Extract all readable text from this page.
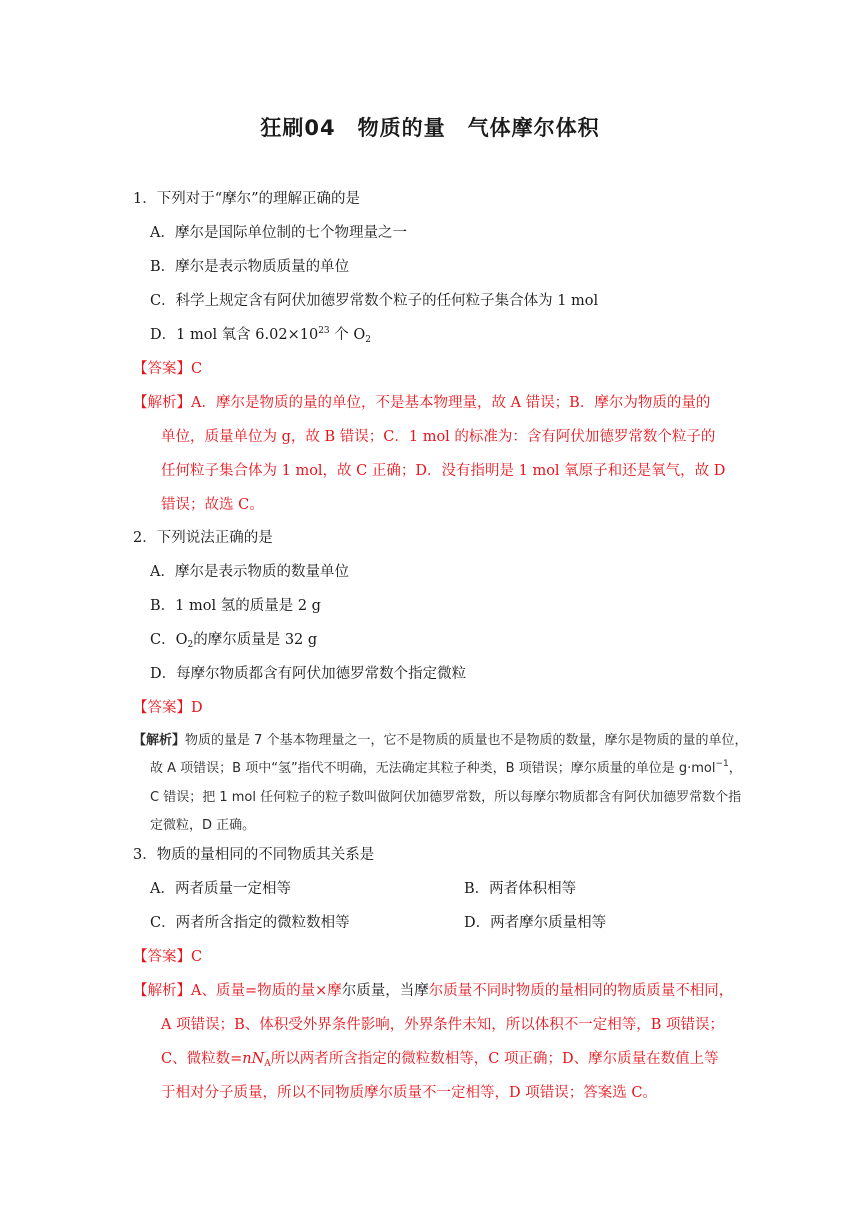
狂刷04　物质的量　气体摩尔体积
1．下列对于“摩尔”的理解正确的是
A．摩尔是国际单位制的七个物理量之一
B．摩尔是表示物质质量的单位
C．科学上规定含有阿伏加德罗常数个粒子的任何粒子集合体为 1 mol
D．1 mol 氧含 $6.02\times 10^{23}$ 个 $O_2$
【答案】C
【解析】A．摩尔是物质的量的单位，不是基本物理量，故 A 错误；B．摩尔为物质的量的
单位，质量单位为 g，故 B 错误；C．1 mol 的标准为：含有阿伏加德罗常数个粒子的
任何粒子集合体为 1 mol，故 C 正确；D．没有指明是 1 mol 氧原子和还是氧气，故 D
错误；故选 C。
2．下列说法正确的是
A．摩尔是表示物质的数量单位
B．1 mol 氢的质量是 2 g
C．$O_2$的摩尔质量是 32 g
D．每摩尔物质都含有阿伏加德罗常数个指定微粒
【答案】D
【解析】物质的量是 7 个基本物理量之一，它不是物质的质量也不是物质的数量，摩尔是物质的量的单位，
故 A 项错误；B 项中“氢”指代不明确，无法确定其粒子种类，B 项错误；摩尔质量的单位是 g·mol$^{-1}$，
C 错误；把 1 mol 任何粒子的粒子数叫做阿伏加德罗常数，所以每摩尔物质都含有阿伏加德罗常数个指
定微粒，D 正确。
3．物质的量相同的不同物质其关系是
A．两者质量一定相等	B．两者体积相等
C．两者所含指定的微粒数相等	D．两者摩尔质量相等
【答案】C
【解析】A、质量=物质的量×摩尔质量，当摩尔质量不同时物质的量相同的物质质量不相同，
A 项错误；B、体积受外界条件影响，外界条件未知，所以体积不一定相等，B 项错误；
C、微粒数$=nN_A$所以两者所含指定的微粒数相等，C 项正确；D、摩尔质量在数值上等
于相对分子质量，所以不同物质摩尔质量不一定相等，D 项错误；答案选 C。
